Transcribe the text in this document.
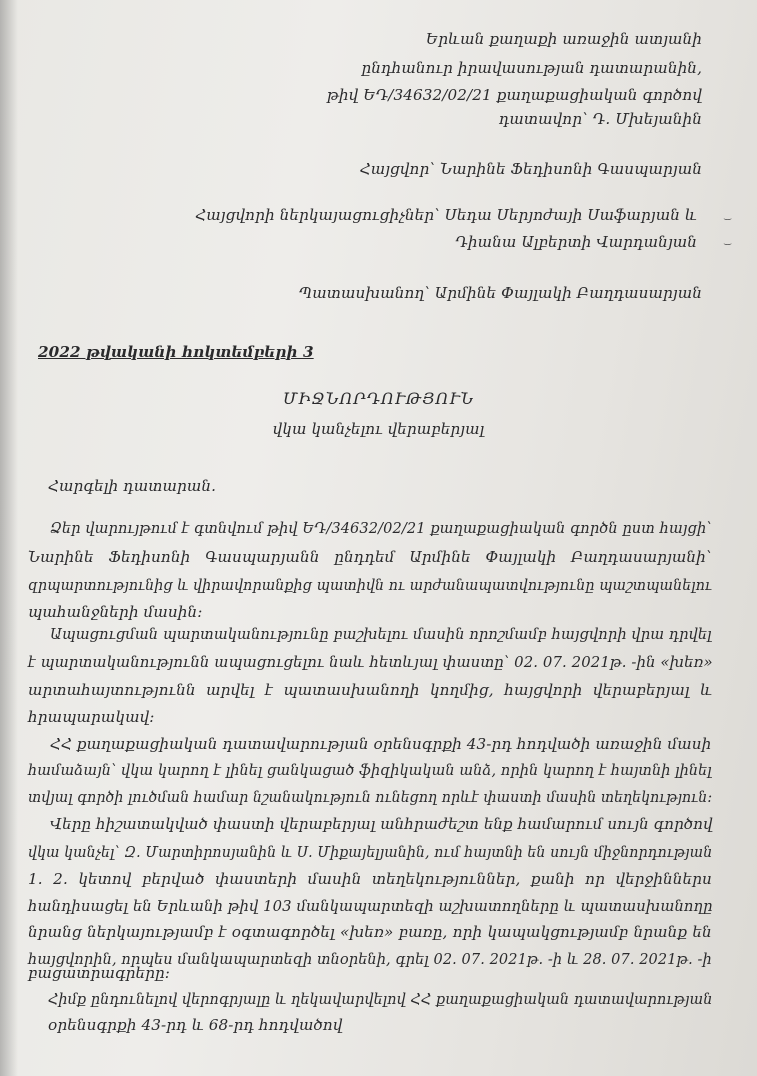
Երևան քաղաքի առաջին ատյանի
ընդհանուր իրավասության դատարանին,
թիվ ԵԴ/34632/02/21 քաղաքացիական գործով
դատավոր՝ Դ. Մխեյանին
Հայցվոր՝ Նարինե Ֆեդիսոնի Գասպարյան
Հայցվորի ներկայացուցիչներ՝ Սեդա Սերյոժայի Սաֆարյան և
Դիանա Ալբերտի Վարդանյան
Պատասխանող՝ Արմինե Փայլակի Բաղդասարյան
2022 թվականի հոկտեմբերի 3
ՄԻՋՆՈՐԴՈՒԹՅՈՒՆ
վկա կանչելու վերաբերյալ
Հարգելի դատարան.
Ձեր վարույթում է գտնվում թիվ ԵԴ/34632/02/21 քաղաքացիական գործն ըստ հայցի՝
Նարինե Ֆեդիսոնի Գասպարյանն ընդդեմ Արմինե Փայլակի Բաղդասարյանի՝
զրպարտությունից և վիրավորանքից պատիվն ու արժանապատվությունը պաշտպանելու
պահանջների մասին:
Ապացուցման պարտականությունը բաշխելու մասին որոշմամբ հայցվորի վրա դրվել
է պարտականությունն ապացուցելու նաև հետևյալ փաստը՝ 02. 07. 2021թ. -ին «խեռ»
արտահայտությունն արվել է պատասխանողի կողմից, հայցվորի վերաբերյալ և
հրապարակավ:
ՀՀ քաղաքացիական դատավարության օրենսգրքի 43-րդ հոդվածի առաջին մասի
համաձայն՝ վկա կարող է լինել ցանկացած ֆիզիկական անձ, որին կարող է հայտնի լինել
տվյալ գործի լուծման համար նշանակություն ունեցող որևէ փաստի մասին տեղեկություն:
Վերը հիշատակված փաստի վերաբերյալ անհրաժեշտ ենք համարում սույն գործով
վկա կանչել՝ Զ. Մարտիրոսյանին և Ս. Միքայելյանին, ում հայտնի են սույն միջնորդության
1. 2. կետով բերված փաստերի մասին տեղեկություններ, քանի որ վերջիններս
հանդիսացել են Երևանի թիվ 103 մանկապարտեզի աշխատողները և պատասխանողը
նրանց ներկայությամբ է օգտագործել «խեռ» բառը, որի կապակցությամբ նրանք են
հայցվորին, որպես մանկապարտեզի տնօրենի, գրել 02. 07. 2021թ. -ի և 28. 07. 2021թ. -ի
բացատրագրերը:
Հիմք ընդունելով վերոգրյալը և ղեկավարվելով ՀՀ քաղաքացիական դատավարության
օրենսգրքի 43-րդ և 68-րդ հոդվածով
